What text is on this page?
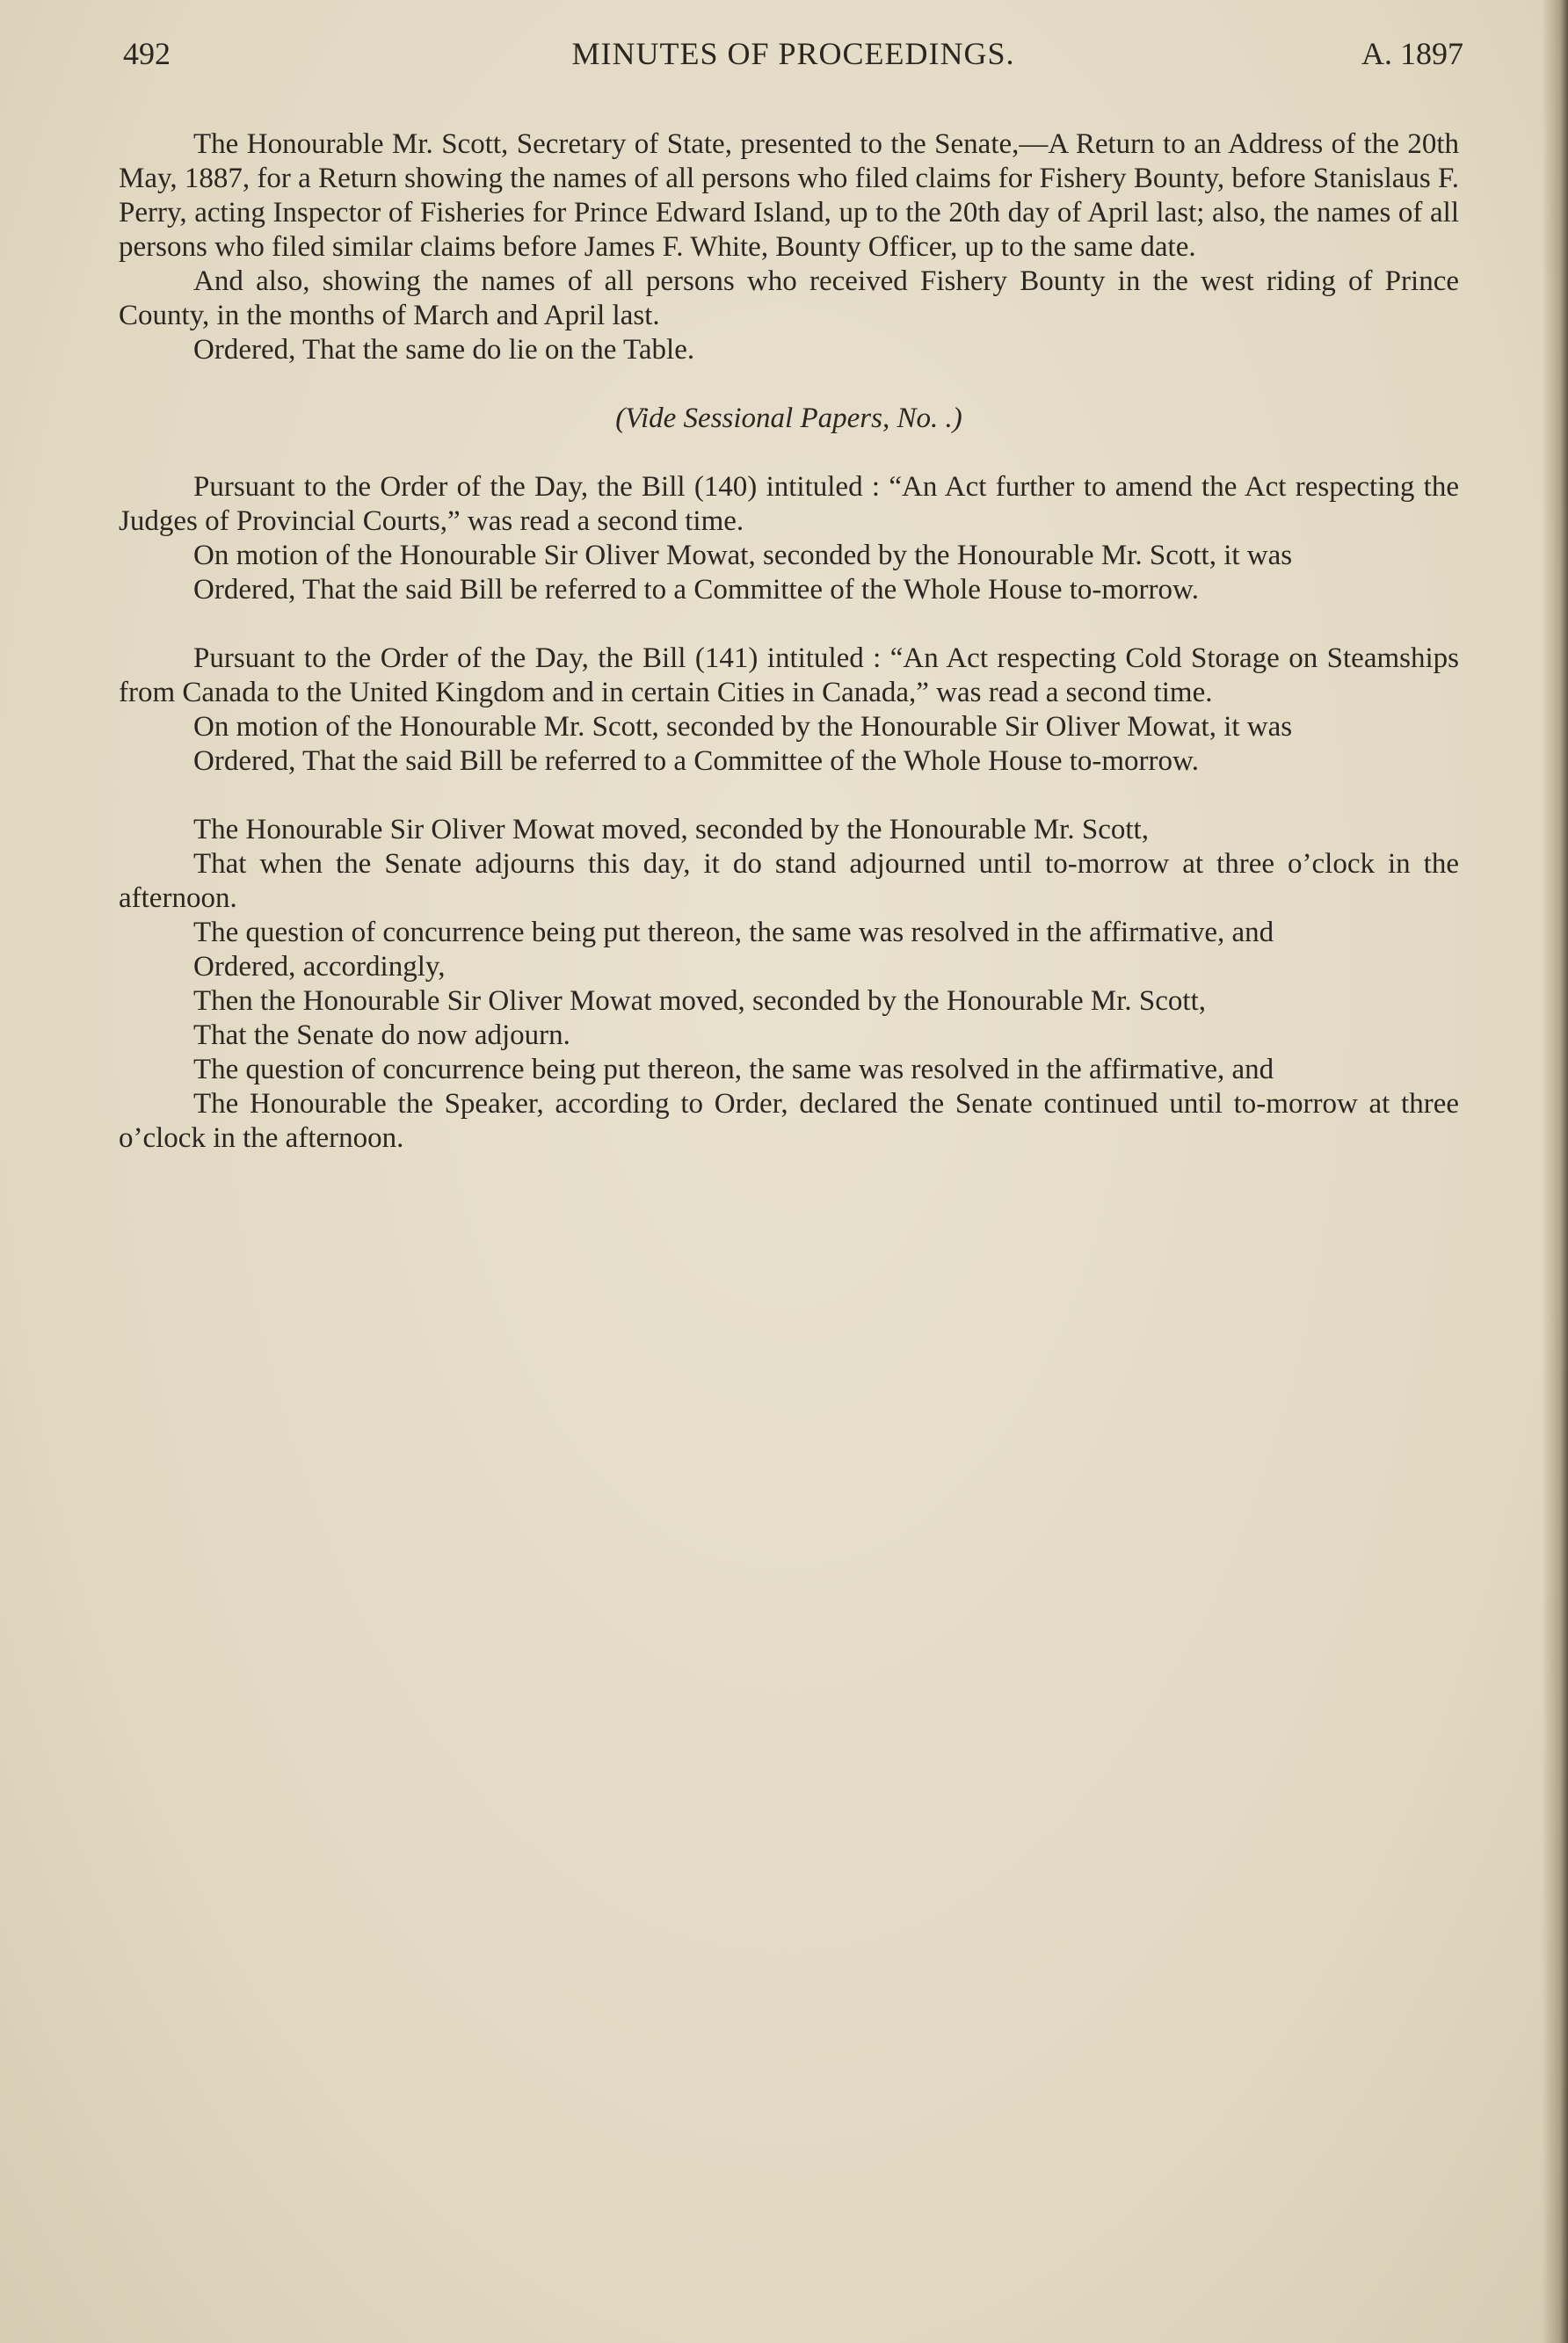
492	MINUTES OF PROCEEDINGS.	A. 1897

The Honourable Mr. Scott, Secretary of State, presented to the Senate,—A Return to an Address of the 20th May, 1887, for a Return showing the names of all persons who filed claims for Fishery Bounty, before Stanislaus F. Perry, acting Inspector of Fisheries for Prince Edward Island, up to the 20th day of April last; also, the names of all persons who filed similar claims before James F. White, Bounty Officer, up to the same date.

And also, showing the names of all persons who received Fishery Bounty in the west riding of Prince County, in the months of March and April last.

Ordered, That the same do lie on the Table.

(Vide Sessional Papers, No. .)

Pursuant to the Order of the Day, the Bill (140) intituled : “An Act further to amend the Act respecting the Judges of Provincial Courts,” was read a second time.

On motion of the Honourable Sir Oliver Mowat, seconded by the Honourable Mr. Scott, it was

Ordered, That the said Bill be referred to a Committee of the Whole House to-morrow.

Pursuant to the Order of the Day, the Bill (141) intituled : “An Act respecting Cold Storage on Steamships from Canada to the United Kingdom and in certain Cities in Canada,” was read a second time.

On motion of the Honourable Mr. Scott, seconded by the Honourable Sir Oliver Mowat, it was

Ordered, That the said Bill be referred to a Committee of the Whole House to-morrow.

The Honourable Sir Oliver Mowat moved, seconded by the Honourable Mr. Scott,

That when the Senate adjourns this day, it do stand adjourned until to-morrow at three o’clock in the afternoon.

The question of concurrence being put thereon, the same was resolved in the affirmative, and

Ordered, accordingly,

Then the Honourable Sir Oliver Mowat moved, seconded by the Honourable Mr. Scott,

That the Senate do now adjourn.

The question of concurrence being put thereon, the same was resolved in the affirmative, and

The Honourable the Speaker, according to Order, declared the Senate continued until to-morrow at three o’clock in the afternoon.
